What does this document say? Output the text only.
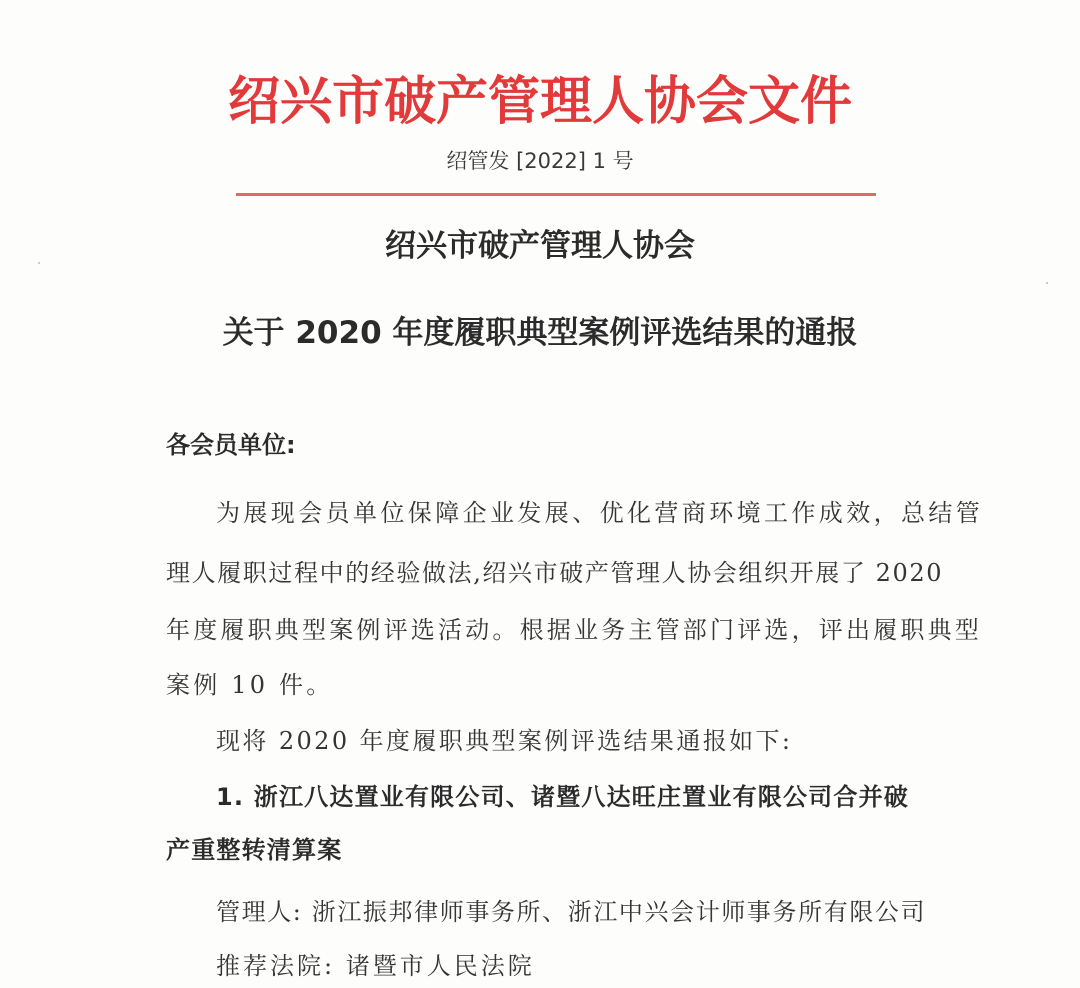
绍兴市破产管理人协会文件
绍管发 [2022] 1 号
绍兴市破产管理人协会
关于 2020 年度履职典型案例评选结果的通报
各会员单位:
为展现会员单位保障企业发展、优化营商环境工作成效，总结管
理人履职过程中的经验做法,绍兴市破产管理人协会组织开展了 2020
年度履职典型案例评选活动。根据业务主管部门评选，评出履职典型
案例 10 件。
现将 2020 年度履职典型案例评选结果通报如下:
1. 浙江八达置业有限公司、诸暨八达旺庄置业有限公司合并破
产重整转清算案
管理人: 浙江振邦律师事务所、浙江中兴会计师事务所有限公司
推荐法院: 诸暨市人民法院
